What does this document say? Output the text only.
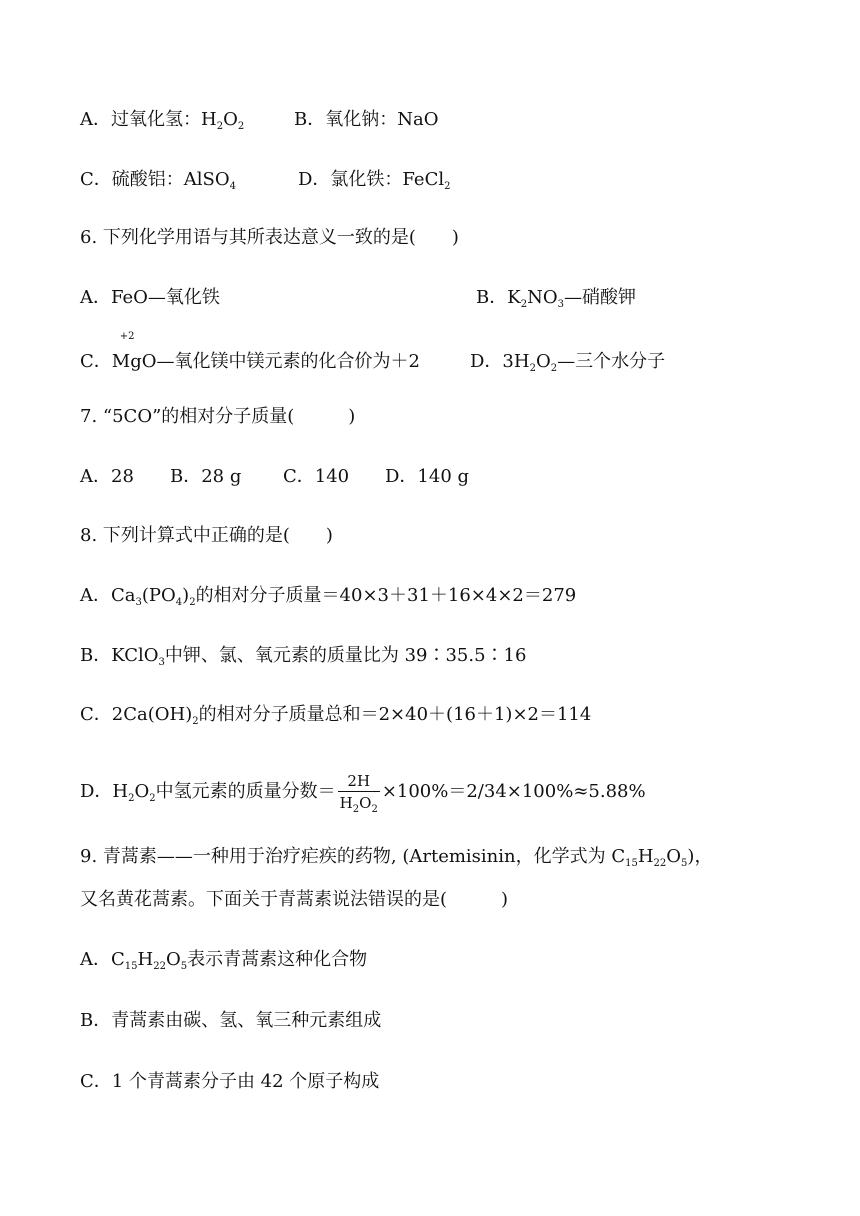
A．过氧化氢：$H_2O_2$	B．氧化钠：NaO
C．硫酸铝：AlSO$_4$	D．氯化铁：FeCl$_2$
6. 下列化学用语与其所表达意义一致的是(　　)
A．FeO—氧化铁	B．$K_2NO_3—$硝酸钾
C．
+2
MgO—氧化镁中镁元素的化合价为＋2	D．$3H_2O_2—$三个水分子
7. “5CO”的相对分子质量(　　　)
A．28 B．28 g C．140 D．140 g
8. 下列计算式中正确的是(　　)
A．$Ca_3(PO_4)_2$的相对分子质量＝40×3＋31＋16×4×2＝279
B．KClO$_3$中钾、氯、氧元素的质量比为 39∶35.5∶16
C．$2Ca(OH)_2$的相对分子质量总和＝2×40＋(16＋1)×2＝114
D．$H_2O_2$中氢元素的质量分数＝ $\frac{2H}{H_2O_2} \times 100\%=2/34\times 100\%\approx 5.88\%$
9. 青蒿素——一种用于治疗疟疾的药物, (Artemisinin，化学式为 $C_{15}H_{22}O_5$)，
又名黄花蒿素。下面关于青蒿素说法错误的是(　　　)
A．$C_{15}H_{22}O_5$表示青蒿素这种化合物
B．青蒿素由碳、氢、氧三种元素组成
C．1 个青蒿素分子由 42 个原子构成
